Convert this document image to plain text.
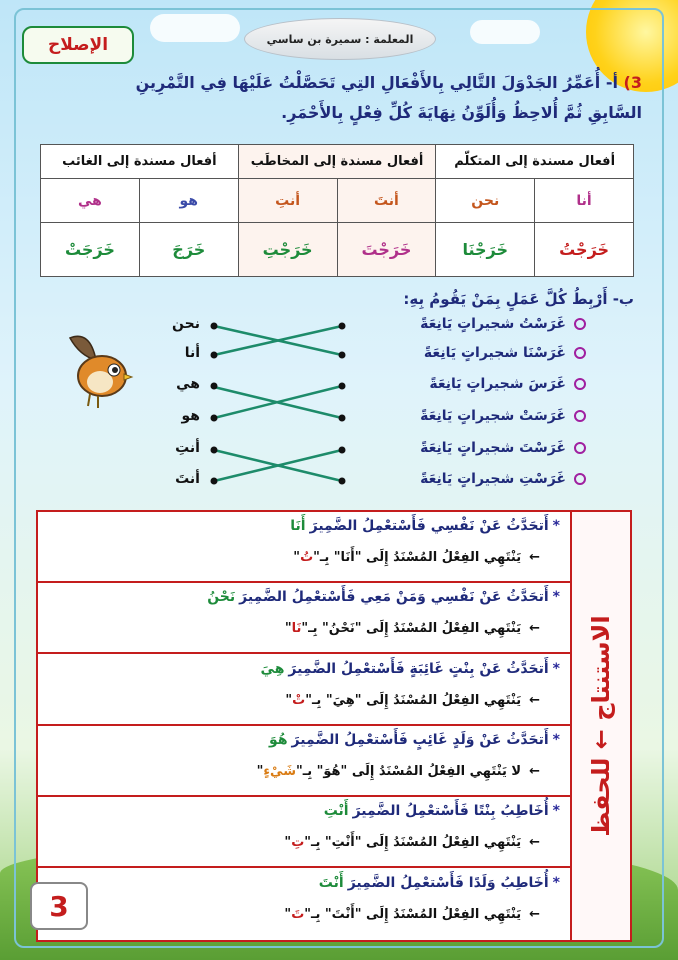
الإصلاح	المعلمة : سميرة بن ساسي
3) أ- أُعَمِّرُ الجَدْوَلَ التَّالِي بِالأَفْعَالِ التِي تَحَصَّلْتُ عَلَيْهَا فِي التَّمْرِينِ
السَّابِقِ ثُمَّ أُلاحِظُ وَأُلَوِّنُ نِهَايَةَ كُلِّ فِعْلٍ بِالأَحْمَرِ.
أفعال مسندة إلى المتكلّم		أفعال مسندة إلى المخاطَب		أفعال مسندة إلى الغائب	
أنا	نحن	أنتَ	أنتِ	هو	هي
خَرَجْتُ	خَرَجْنَا	خَرَجْتَ	خَرَجْتِ	خَرَجَ	خَرَجَتْ
ب- أَرْبِطُ كُلَّ عَمَلٍ بِمَنْ يَقُومُ بِهِ:
غَرَسْتُ شجيراتٍ يَانِعَةً
نحن
غَرَسْنَا شجيراتٍ يَانِعَةً
أنا
غَرَسَ شجيراتٍ يَانِعَةً
هي
غَرَسَتْ شجيراتٍ يَانِعَةً
هو
غَرَسْتَ شجيراتٍ يَانِعَةً
أنتِ
غَرَسْتِ شجيراتٍ يَانِعَةً
أنتَ
الاستنتاج ← للحفظ
*أَتحَدَّثُ عَنْ نَفْسِي فَأَسْتعْمِلُ الضَّمِيرَأَنَا
←يَنْتَهِي الفِعْلُ المُسْنَدُ إِلَى "أَنَا" بِـ"تُ"
*أَتحَدَّثُ عَنْ نَفْسِي وَمَنْ مَعِي فَأَسْتعْمِلُ الضَّمِيرَنَحْنُ
←يَنْتَهِي الفِعْلُ المُسْنَدُ إِلَى "نَحْنُ" بِـ"نَا"
*أَتحَدَّثُ عَنْ بِنْتٍ غَائِبَةٍ فَأَسْتعْمِلُ الضَّمِيرَهِيَ
←يَنْتَهِي الفِعْلُ المُسْنَدُ إِلَى "هِيَ" بِـ"تْ"
*أَتحَدَّثُ عَنْ وَلَدٍ غَائِبٍ فَأَسْتعْمِلُ الضَّمِيرَهُوَ
←لا يَنْتَهِي الفِعْلُ المُسْنَدُ إِلَى "هُوَ" بِـ"شَيْءٍ"
*أُخَاطِبُ بِنْتًا فَأَسْتعْمِلُ الضَّمِيرَأَنْتِ
←يَنْتَهِي الفِعْلُ المُسْنَدُ إِلَى "أَنْتِ" بِـ"تِ"
*أُخَاطِبُ وَلَدًا فَأَسْتعْمِلُ الضَّمِيرَأَنْتَ
←يَنْتَهِي الفِعْلُ المُسْنَدُ إِلَى "أَنْتَ" بِـ"تَ"
3
